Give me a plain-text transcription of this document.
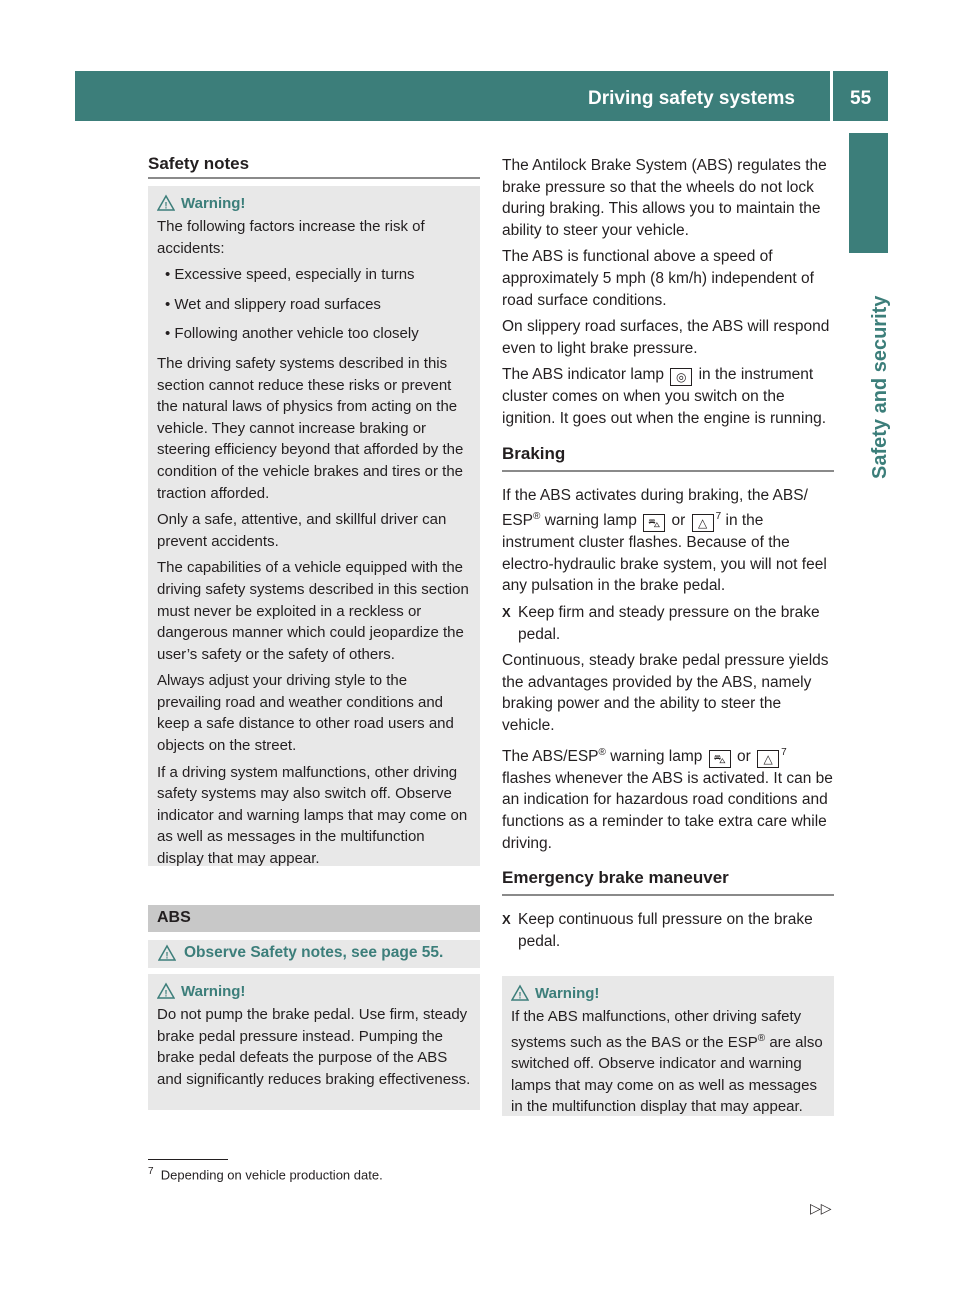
Driving safety systems	55
Safety and security
Safety notes
! Warning!

The following factors increase the risk of accidents:

• Excessive speed, especially in turns

• Wet and slippery road surfaces

• Following another vehicle too closely

The driving safety systems described in this section cannot reduce these risks or prevent the natural laws of physics from acting on the vehicle. They cannot increase braking or steering efficiency beyond that afforded by the condition of the vehicle brakes and tires or the traction afforded.

Only a safe, attentive, and skillful driver can prevent accidents.

The capabilities of a vehicle equipped with the driving safety systems described in this section must never be exploited in a reckless or dangerous manner which could jeopardize the user’s safety or the safety of others.

Always adjust your driving style to the prevailing road and weather conditions and keep a safe distance to other road users and objects on the street.

If a driving system malfunctions, other driving safety systems may also switch off. Observe indicator and warning lamps that may come on as well as messages in the multifunction display that may appear.

ABS
! Observe Safety notes, see page 55.
! Warning!

Do not pump the brake pedal. Use firm, steady brake pedal pressure instead. Pumping the brake pedal defeats the purpose of the ABS and significantly reduces braking effectiveness.

The Antilock Brake System (ABS) regulates the brake pressure so that the wheels do not lock during braking. This allows you to maintain the ability to steer your vehicle.

The ABS is functional above a speed of approximately 5 mph (8 km/h) independent of road surface conditions.

On slippery road surfaces, the ABS will respond even to light brake pressure.

The ABS indicator lamp ◎ in the instrument cluster comes on when you switch on the ignition. It goes out when the engine is running.

Braking

If the ABS activates during braking, the ABS/ ESP® warning lamp ⛍ or △ $^7$ in the instrument cluster flashes. Because of the electro-hydraulic brake system, you will not feel any pulsation in the brake pedal.

X Keep firm and steady pressure on the brake pedal.

Continuous, steady brake pedal pressure yields the advantages provided by the ABS, namely braking power and the ability to steer the vehicle.

The ABS/ESP® warning lamp ⛍ or △ $^7$ flashes whenever the ABS is activated. It can be an indication for hazardous road conditions and functions as a reminder to take extra care while driving.

Emergency brake maneuver

X Keep continuous full pressure on the brake pedal.

! Warning!

If the ABS malfunctions, other driving safety systems such as the BAS or the ESP® are also switched off. Observe indicator and warning lamps that may come on as well as messages in the multifunction display that may appear.

$^7$ Depending on vehicle production date.
▷▷
